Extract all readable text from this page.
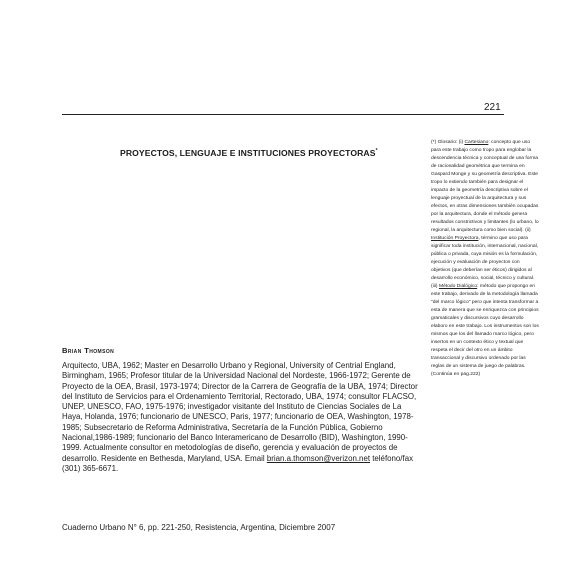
221
PROYECTOS, LENGUAJE E INSTITUCIONES PROYECTORAS*

(*) Glosario: (i) Cartesiano: concepto que uso para este trabajo como tropo para englobar la descendencia técnica y conceptual de una forma de racionalidad geométrica que termina en Gaspard Monge y su geometría descriptiva. Este tropo lo extiendo también para designar el impacto de la geometría descriptiva sobre el lenguaje proyectual de la arquitectura y sus efectos, en otras dimensiones también ocupadas por la arquitectura, donde el método genera resultados constrictivos y limitantes (lo urbano, lo regional, la arquitectura como bien social). (ii) Institución Proyectora, término que uso para significar toda institución, internacional, nacional, pública o privada, cuya misión es la formulación, ejecución y evaluación de proyectos con objetivos (que deberían ser éticos) dirigidos al desarrollo económico, social, técnico y cultural. (iii) Método Dialógico: método que propongo en este trabajo, derivado de la metodología llamada "del marco lógico" pero que intenta transformar a esta de manera que se enriquezca con principios gramaticales y discursivos cuyo desarrollo elaboro en este trabajo. Los instrumentos son los mismos que los del llamado marco lógico, pero insertos en un contexto ético y textual que respeta el decir del otro en un ámbito transaccional y discursivo ordenado por las reglas de un sistema de juego de palabras.(Continúa en pag.222)

Brian Thomson

Arquitecto, UBA, 1962; Master en Desarrollo Urbano y Regional, University of Centrial England, Birmingham, 1965; Profesor titular de la Universidad Nacional del Nordeste, 1966-1972; Gerente de Proyecto de la OEA, Brasil, 1973-1974; Director de la Carrera de Geografía de la UBA, 1974; Director del Instituto de Servicios para el Ordenamiento Territorial, Rectorado, UBA, 1974; consultor FLACSO, UNEP, UNESCO, FAO, 1975-1976; investigador visitante del Instituto de Ciencias Sociales de La Haya, Holanda, 1976; funcionario de UNESCO, Paris, 1977; funcionario de OEA, Washington, 1978-1985; Subsecretario de Reforma Administrativa, Secretaría de la Función Pública, Gobierno Nacional,1986-1989; funcionario del Banco Interamericano de Desarrollo (BID), Washington, 1990-1999. Actualmente consultor en metodologías de diseño, gerencia y evaluación de proyectos de desarrollo. Residente en Bethesda, Maryland, USA. Email brian.a.thomson@verizon.net teléfono/fax (301) 365-6671.

Cuaderno Urbano N° 6, pp. 221-250, Resistencia, Argentina, Diciembre 2007
